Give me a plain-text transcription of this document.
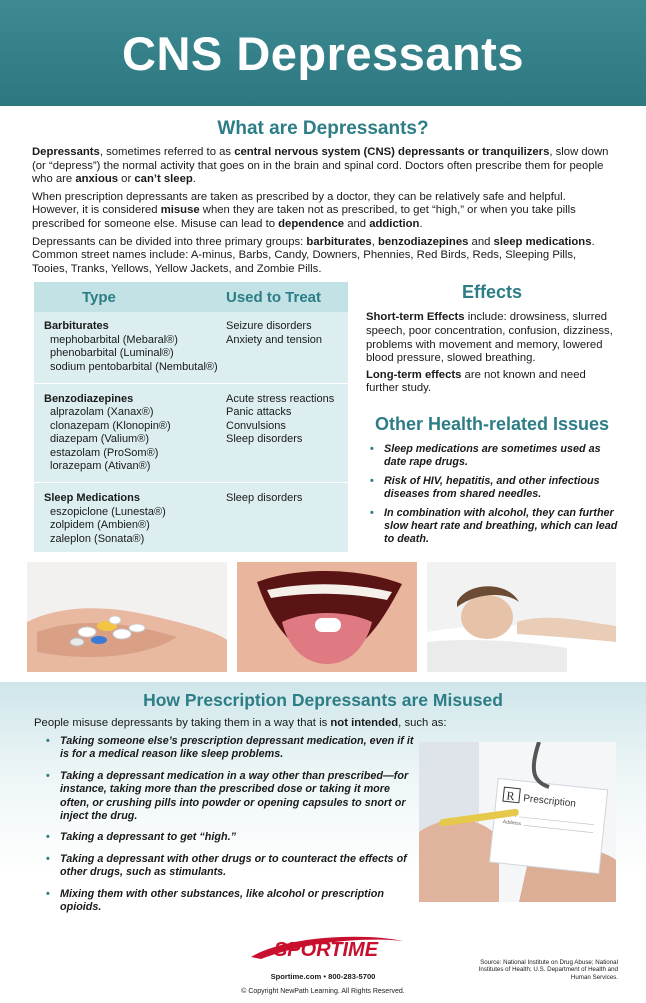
CNS Depressants
What are Depressants?

Depressants, sometimes referred to as central nervous system (CNS) depressants or tranquilizers, slow down (or “depress”) the normal activity that goes on in the brain and spinal cord. Doctors often prescribe them for people who are anxious or can’t sleep.

When prescription depressants are taken as prescribed by a doctor, they can be relatively safe and helpful. However, it is considered misuse when they are taken not as prescribed, to get “high,” or when you take pills prescribed for someone else. Misuse can lead to dependence and addiction.

Depressants can be divided into three primary groups: barbiturates, benzodiazepines and sleep medications. Common street names include: A-minus, Barbs, Candy, Downers, Phennies, Red Birds, Reds, Sleeping Pills, Tooies, Tranks, Yellows, Yellow Jackets, and Zombie Pills.

Type	Used to Treat
Barbiturates
mephobarbital (Mebaral®)
phenobarbital (Luminal®)
sodium pentobarbital (Nembutal®)
Seizure disorders
Anxiety and tension
Benzodiazepines
alprazolam (Xanax®)
clonazepam (Klonopin®)
diazepam (Valium®)
estazolam (ProSom®)
lorazepam (Ativan®)
Acute stress reactions
Panic attacks
Convulsions
Sleep disorders
Sleep Medications
eszopiclone (Lunesta®)
zolpidem (Ambien®)
zaleplon (Sonata®)
Sleep disorders
Effects

Short-term Effects include: drowsiness, slurred speech, poor concentration, confusion, dizziness, problems with movement and memory, lowered blood pressure, slowed breathing.

Long-term effects are not known and need further study.

Other Health-related Issues
• Sleep medications are sometimes used as date rape drugs.
• Risk of HIV, hepatitis, and other infectious diseases from shared needles.
• In combination with alcohol, they can further slow heart rate and breathing, which can lead to death.
How Prescription Depressants are Misused

People misuse depressants by taking them in a way that is not intended, such as:

• Taking someone else’s prescription depressant medication, even if it is for a medical reason like sleep problems.
• Taking a depressant medication in a way other than prescribed—for instance, taking more than the prescribed dose or taking it more often, or crushing pills into powder or opening capsules to snort or inject the drug.
• Taking a depressant to get “high.”
• Taking a depressant with other drugs or to counteract the effects of other drugs, such as stimulants.
• Mixing them with other substances, like alcohol or prescription opioids.
R Prescription
Address
SPORTIME
Sportime.com • 800-283-5700
© Copyright NewPath Learning. All Rights Reserved.
Source: National Institute on Drug Abuse; National Institutes of Health; U.S. Department of Health and Human Services.
